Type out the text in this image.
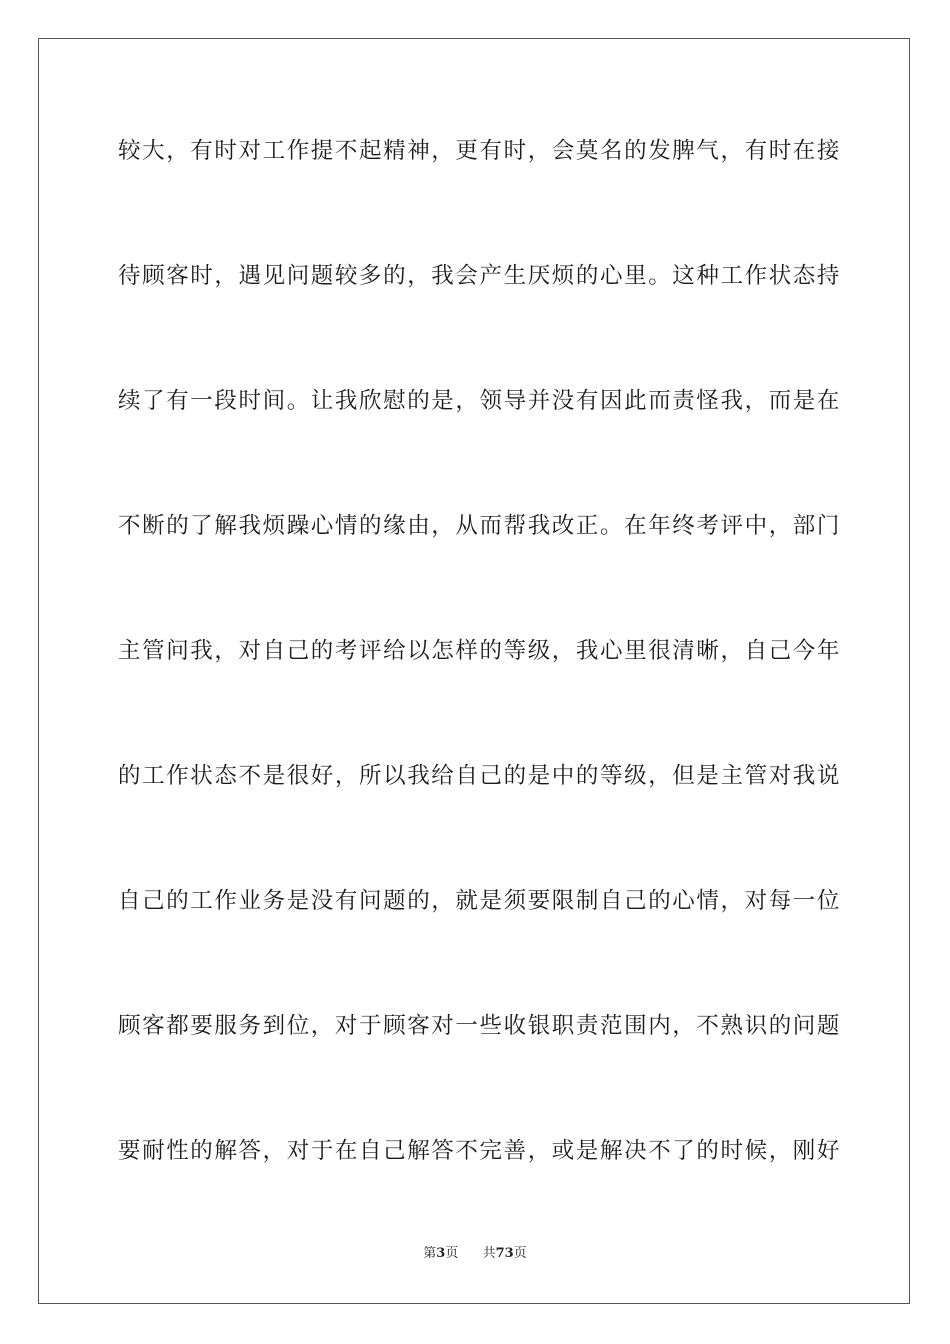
较大，有时对工作提不起精神，更有时，会莫名的发脾气，有时在接
待顾客时，遇见问题较多的，我会产生厌烦的心里。这种工作状态持
续了有一段时间。让我欣慰的是，领导并没有因此而责怪我，而是在
不断的了解我烦躁心情的缘由，从而帮我改正。在年终考评中，部门
主管问我，对自己的考评给以怎样的等级，我心里很清晰，自己今年
的工作状态不是很好，所以我给自己的是中的等级，但是主管对我说
自己的工作业务是没有问题的，就是须要限制自己的心情，对每一位
顾客都要服务到位，对于顾客对一些收银职责范围内，不熟识的问题
要耐性的解答，对于在自己解答不完善，或是解决不了的时候，刚好
第3页 共73页
